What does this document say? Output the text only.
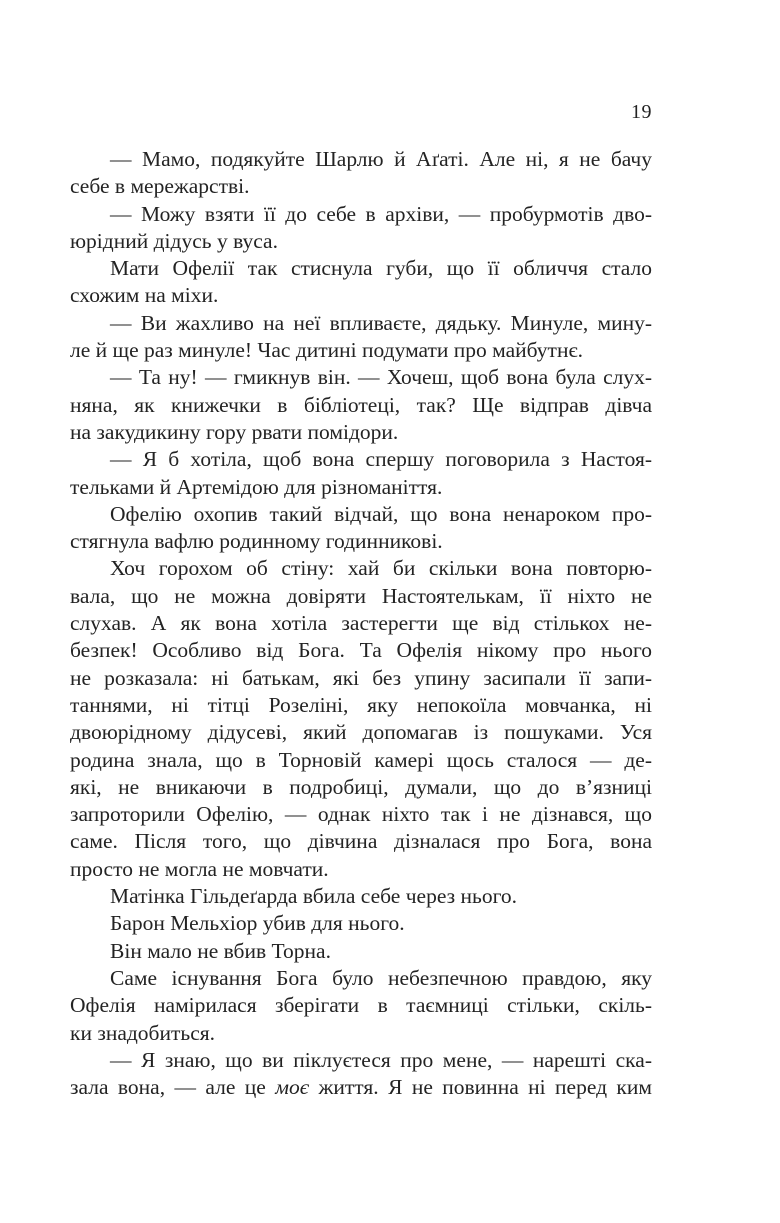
19
— Мамо, подякуйте Шарлю й Аґаті. Але ні, я не бачу
себе в мережарстві.
— Можу взяти її до себе в архіви, — пробурмотів дво-
юрідний дідусь у вуса.
Мати Офелії так стиснула губи, що її обличчя стало
схожим на міхи.
— Ви жахливо на неї впливаєте, дядьку. Минуле, мину-
ле й ще раз минуле! Час дитині подумати про майбутнє.
— Та ну! — гмикнув він. — Хочеш, щоб вона була слух-
няна, як книжечки в бібліотеці, так? Ще відправ дівча
на закудикину гору рвати помідори.
— Я б хотіла, щоб вона спершу поговорила з Настоя-
тельками й Артемідою для різноманіття.
Офелію охопив такий відчай, що вона ненароком про-
стягнула вафлю родинному годинникові.
Хоч горохом об стіну: хай би скільки вона повторю-
вала, що не можна довіряти Настоятелькам, її ніхто не
слухав. А як вона хотіла застерегти ще від стількох не-
безпек! Особливо від Бога. Та Офелія нікому про нього
не розказала: ні батькам, які без упину засипали її запи-
таннями, ні тітці Розеліні, яку непокоїла мовчанка, ні
двоюрідному дідусеві, який допомагав із пошуками. Уся
родина знала, що в Торновій камері щось сталося — де-
які, не вникаючи в подробиці, думали, що до в’язниці
запроторили Офелію, — однак ніхто так і не дізнався, що
саме. Після того, що дівчина дізналася про Бога, вона
просто не могла не мовчати.
Матінка Гільдеґарда вбила себе через нього.
Барон Мельхіор убив для нього.
Він мало не вбив Торна.
Саме існування Бога було небезпечною правдою, яку
Офелія намірилася зберігати в таємниці стільки, скіль-
ки знадобиться.
— Я знаю, що ви піклуєтеся про мене, — нарешті ска-
зала вона, — але це моє життя. Я не повинна ні перед ким
